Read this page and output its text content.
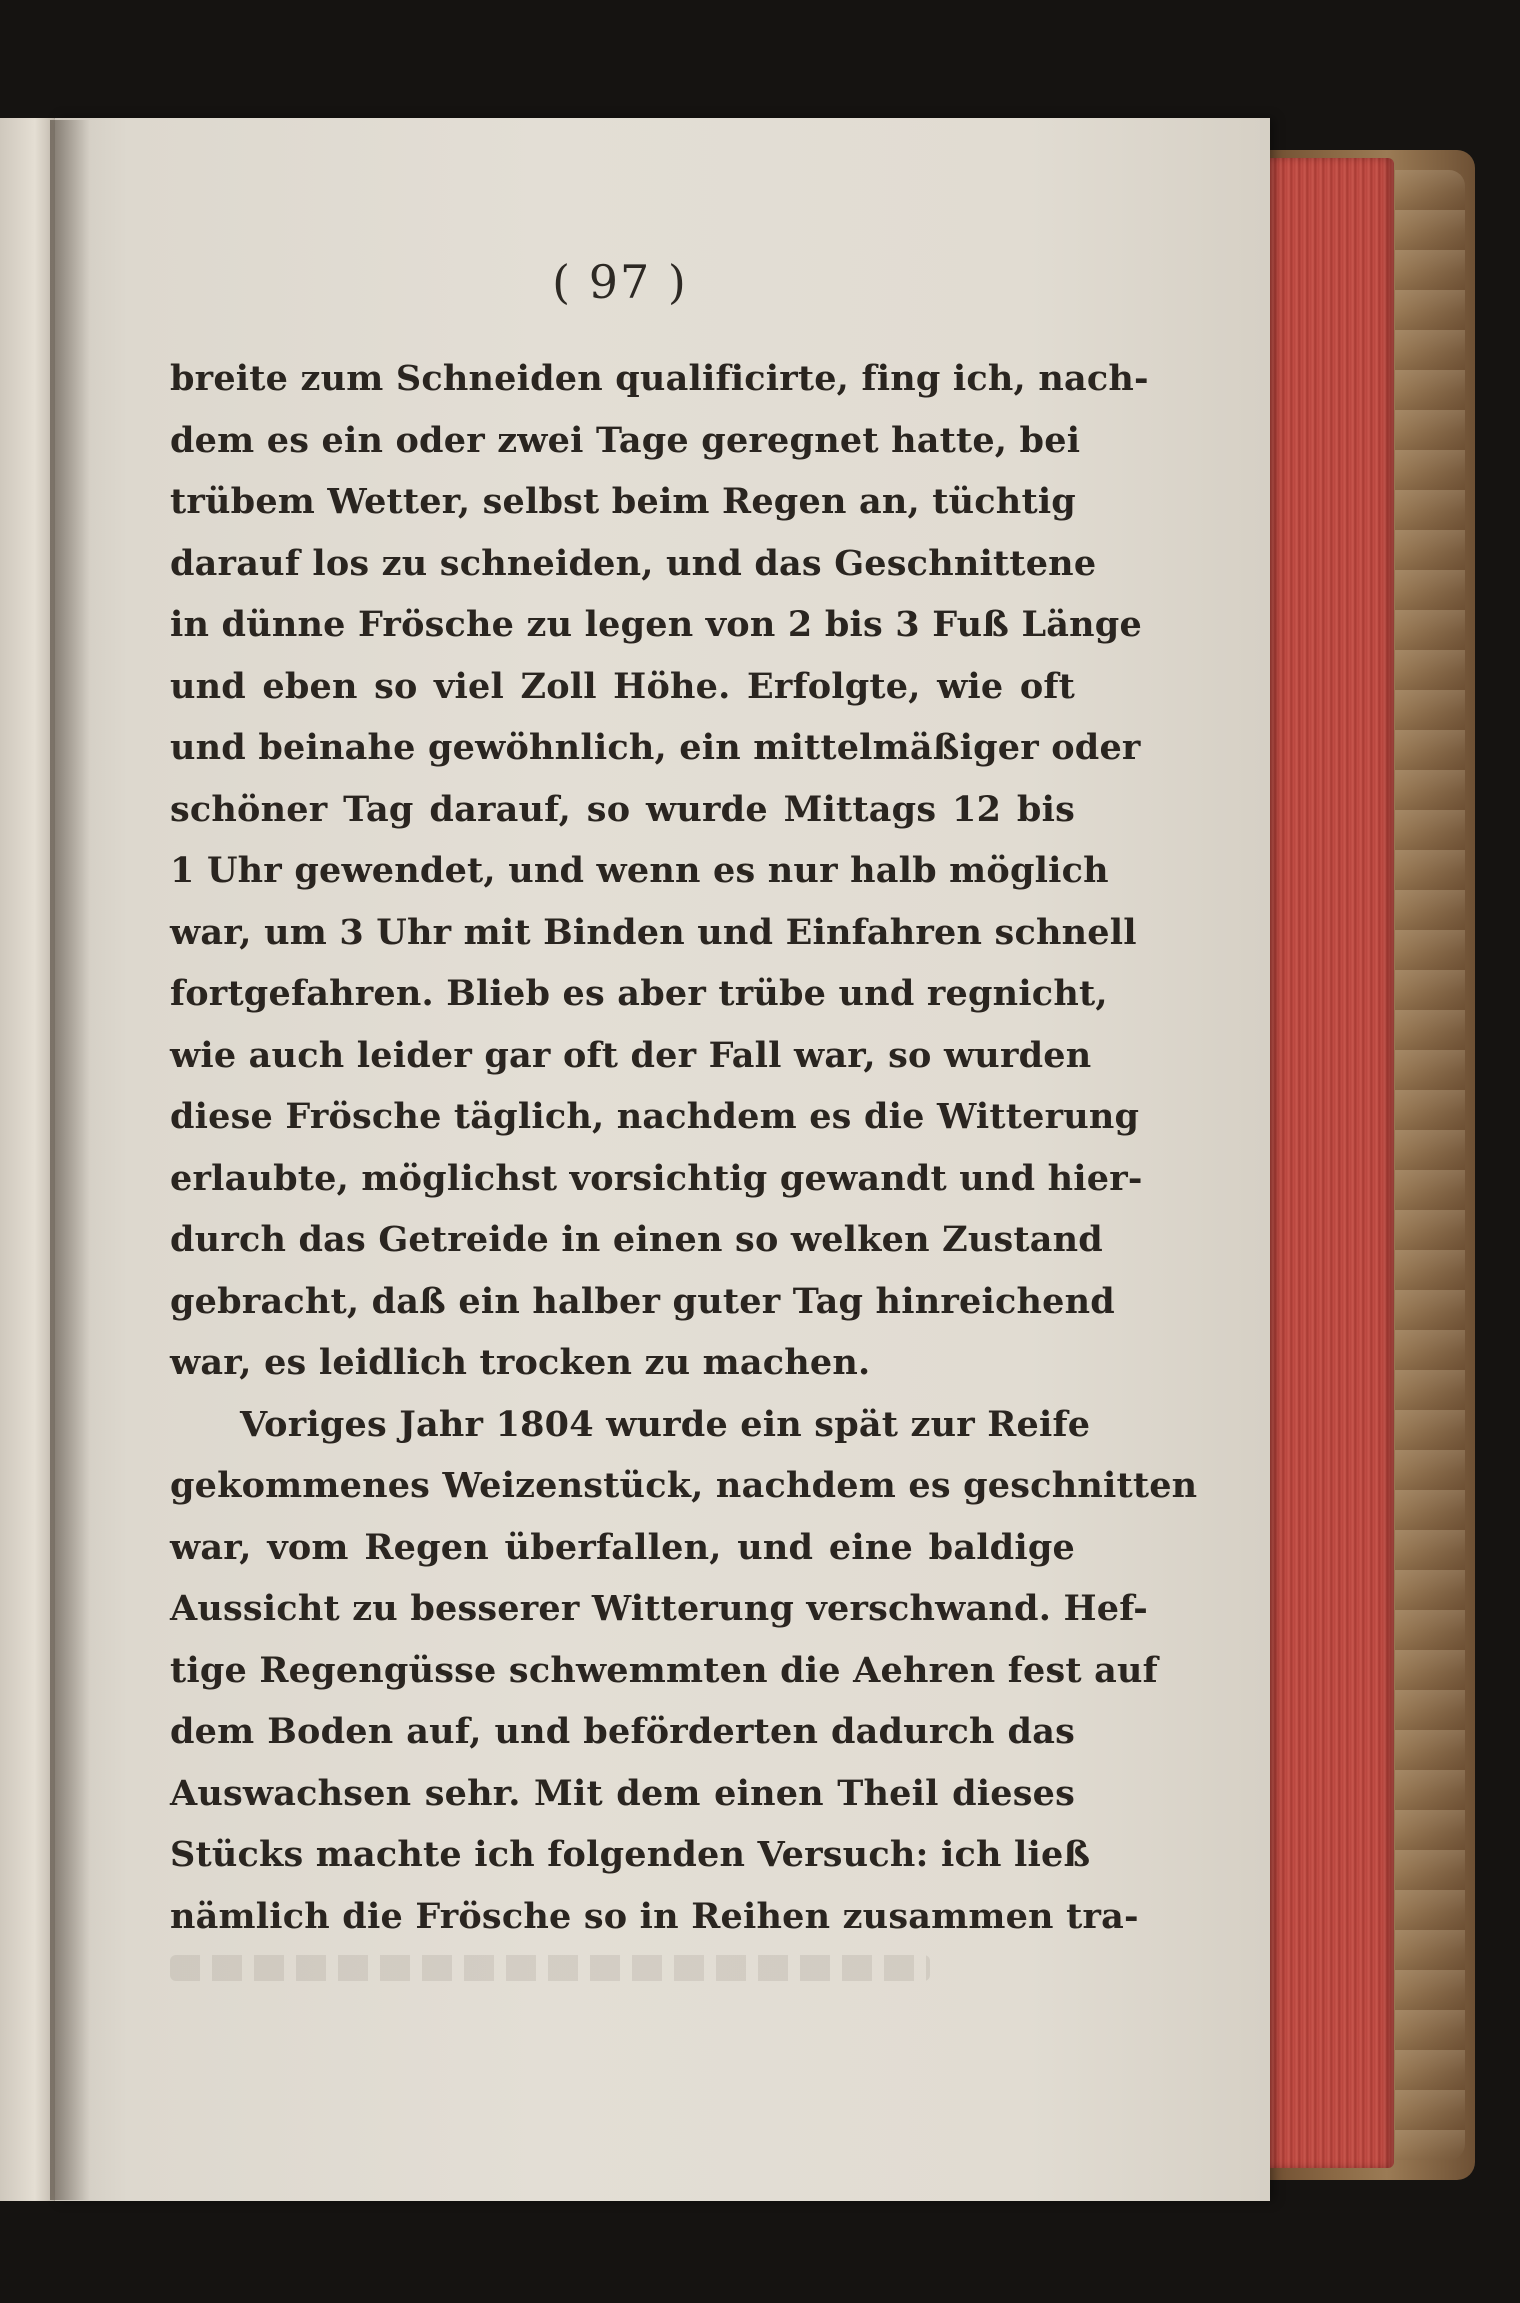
( 97 )
breite zum Schneiden qualificirte, fing ich, nach-
dem es ein oder zwei Tage geregnet hatte, bei
trübem Wetter, selbst beim Regen an, tüchtig
darauf los zu schneiden, und das Geschnittene
in dünne Frösche zu legen von 2 bis 3 Fuß Länge
und eben so viel Zoll Höhe. Erfolgte, wie oft
und beinahe gewöhnlich, ein mittelmäßiger oder
schöner Tag darauf, so wurde Mittags 12 bis
1 Uhr gewendet, und wenn es nur halb möglich
war, um 3 Uhr mit Binden und Einfahren schnell
fortgefahren. Blieb es aber trübe und regnicht,
wie auch leider gar oft der Fall war, so wurden
diese Frösche täglich, nachdem es die Witterung
erlaubte, möglichst vorsichtig gewandt und hier-
durch das Getreide in einen so welken Zustand
gebracht, daß ein halber guter Tag hinreichend
war, es leidlich trocken zu machen.
Voriges Jahr 1804 wurde ein spät zur Reife
gekommenes Weizenstück, nachdem es geschnitten
war, vom Regen überfallen, und eine baldige
Aussicht zu besserer Witterung verschwand. Hef-
tige Regengüsse schwemmten die Aehren fest auf
dem Boden auf, und beförderten dadurch das
Auswachsen sehr. Mit dem einen Theil dieses
Stücks machte ich folgenden Versuch: ich ließ
nämlich die Frösche so in Reihen zusammen tra-
